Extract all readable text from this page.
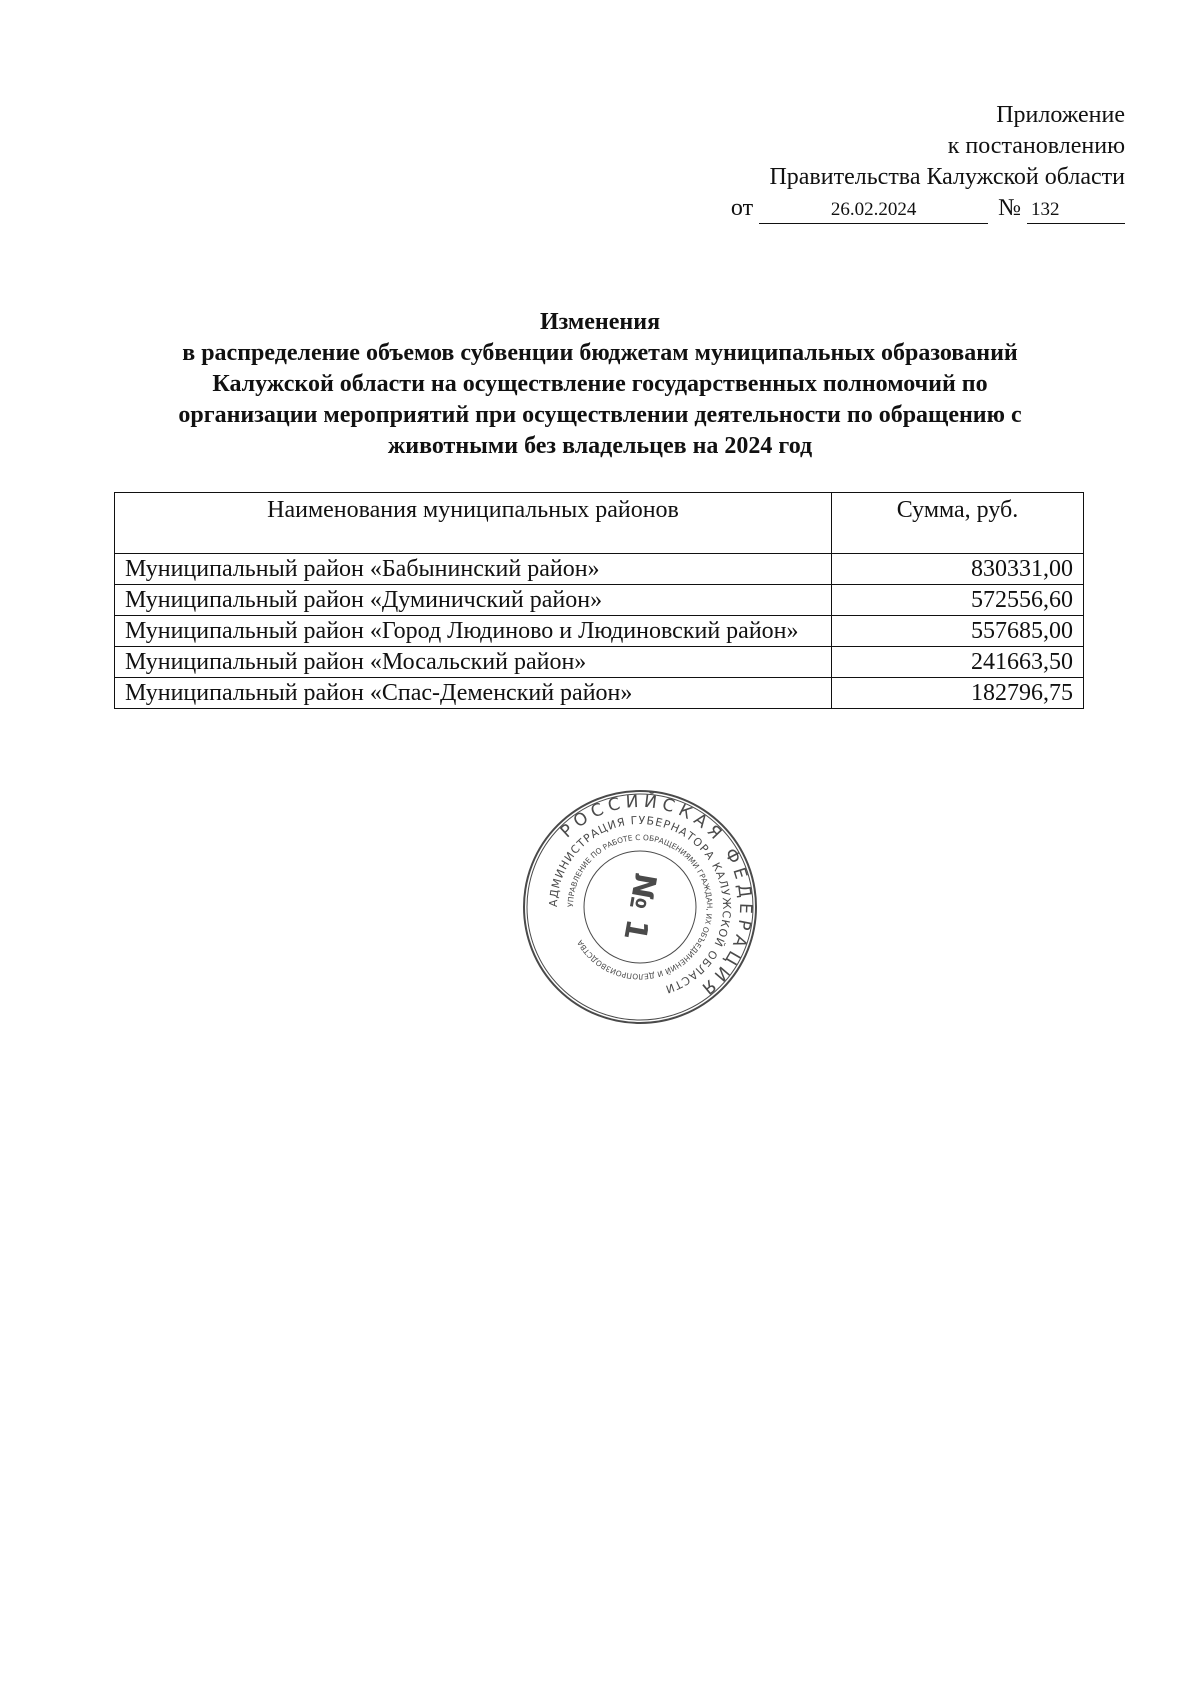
Приложение
к постановлению
Правительства Калужской области
от	26.02.2024	№ 132
Изменения
в распределение объемов субвенции бюджетам муниципальных образований
Калужской области на осуществление государственных полномочий по
организации мероприятий при осуществлении деятельности по обращению с
животными без владельцев на 2024 год
Наименования муниципальных районов	Сумма, руб.
Муниципальный район «Бабынинский район»	830331,00
Муниципальный район «Думиничский район»	572556,60
Муниципальный район «Город Людиново и Людиновский район»	557685,00
Муниципальный район «Мосальский район»	241663,50
Муниципальный район «Спас-Деменский район»	182796,75
РОССИЙСКАЯ ФЕДЕРАЦИЯ
АДМИНИСТРАЦИЯ ГУБЕРНАТОРА КАЛУЖСКОЙ ОБЛАСТИ
УПРАВЛЕНИЕ ПО РАБОТЕ С ОБРАЩЕНИЯМИ ГРАЖДАН, ИХ ОБЪЕДИНЕНИЙ И ДЕЛОПРОИЗВОДСТВА	№ 1
